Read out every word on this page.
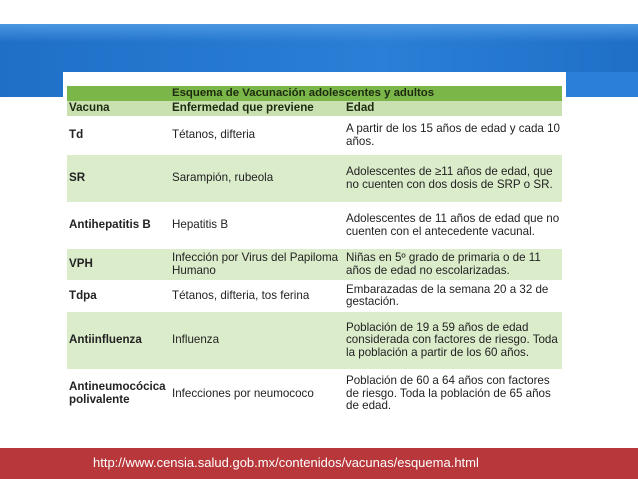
	Esquema de Vacunación adolescentes y adultos	
Vacuna	Enfermedad que previene	Edad
Td	Tétanos, difteria	A partir de los 15 años de edad y cada 10 años.
SR	Sarampión, rubeola	Adolescentes de ≥11 años de edad, que no cuenten con dos dosis de SRP o SR.
Antihepatitis B	Hepatitis B	Adolescentes de 11 años de edad que no cuenten con el antecedente vacunal.
VPH	Infección por Virus del Papiloma Humano	Niñas en 5º grado de primaria o de 11 años de edad no escolarizadas.
Tdpa	Tétanos, difteria, tos ferina	Embarazadas de la semana 20 a 32 de gestación.
Antiinfluenza	Influenza	Población de 19 a 59 años de edad considerada con factores de riesgo. Toda la población a partir de los 60 años.
Antineumocócica polivalente	Infecciones por neumococo	Población de 60 a 64 años con factores de riesgo. Toda la población de 65 años de edad.
http://www.censia.salud.gob.mx/contenidos/vacunas/esquema.html
